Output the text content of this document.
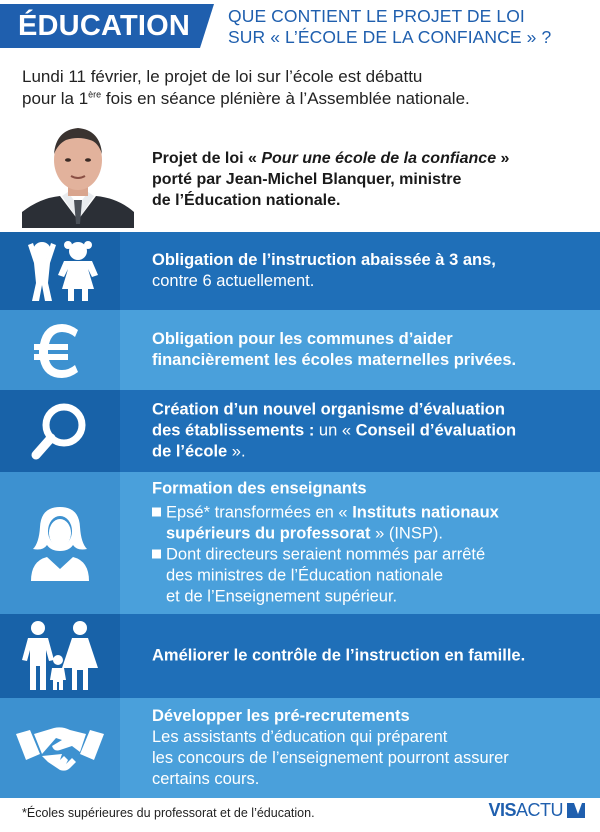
ÉDUCATION	QUE CONTIENT LE PROJET DE LOI
SUR « L’ÉCOLE DE LA CONFIANCE » ?
Lundi 11 février, le projet de loi sur l’école est débattu
pour la 1ère fois en séance plénière à l’Assemblée nationale.
Projet de loi « Pour une école de la confiance »
porté par Jean-Michel Blanquer, ministre
de l’Éducation nationale.
Obligation de l’instruction abaissée à 3 ans,
contre 6 actuellement.
Obligation pour les communes d’aider
financièrement les écoles maternelles privées.
Création d’un nouvel organisme d’évaluation
des établissements : un « Conseil d’évaluation
de l’école ».
Formation des enseignants
Epsé* transformées en « Instituts nationaux
supérieurs du professorat » (INSP).
Dont directeurs seraient nommés par arrêté
des ministres de l’Éducation nationale
et de l’Enseignement supérieur.
Améliorer le contrôle de l’instruction en famille.
Développer les pré-recrutements
Les assistants d’éducation qui préparent
les concours de l’enseignement pourront assurer
certains cours.
*Écoles supérieures du professorat et de l’éducation.	VISACTU
